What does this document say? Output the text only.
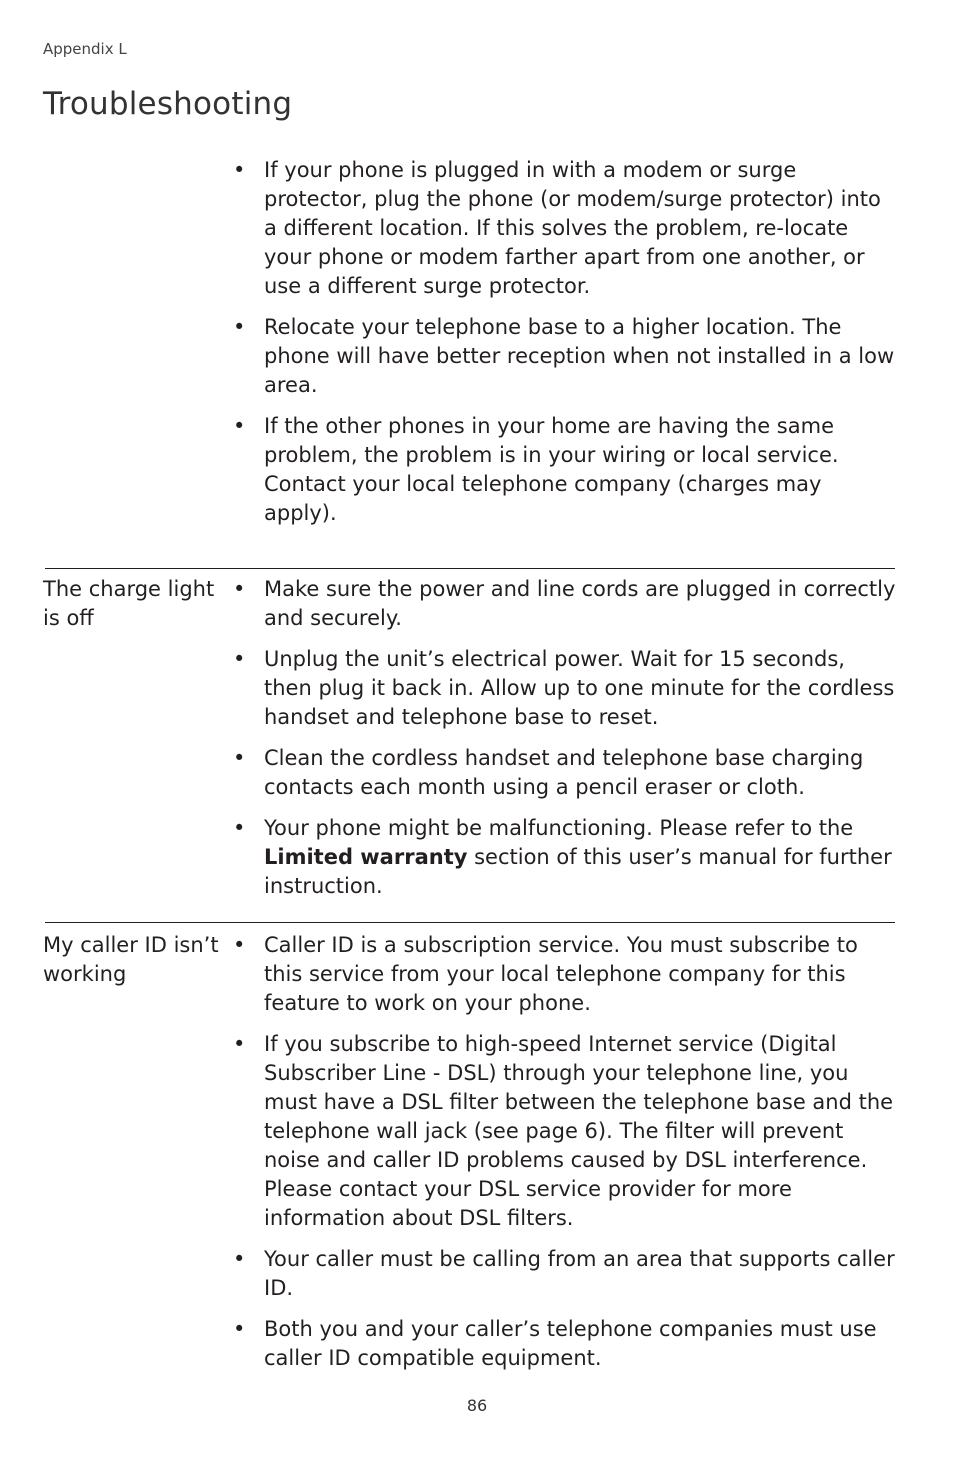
Appendix L
Troubleshooting
• If your phone is plugged in with a modem or surge protector, plug the phone (or modem/surge protector) into a different location. If this solves the problem, re-locate your phone or modem farther apart from one another, or use a different surge protector.
• Relocate your telephone base to a higher location. The phone will have better reception when not installed in a low area.
• If the other phones in your home are having the same problem, the problem is in your wiring or local service. Contact your local telephone company (charges may apply).
The charge light is off
• Make sure the power and line cords are plugged in correctly and securely.
• Unplug the unit’s electrical power. Wait for 15 seconds, then plug it back in. Allow up to one minute for the cordless handset and telephone base to reset.
• Clean the cordless handset and telephone base charging contacts each month using a pencil eraser or cloth.
• Your phone might be malfunctioning. Please refer to the Limited warranty section of this user’s manual for further instruction.
My caller ID isn’t working
• Caller ID is a subscription service. You must subscribe to this service from your local telephone company for this feature to work on your phone.
• If you subscribe to high-speed Internet service (Digital Subscriber Line - DSL) through your telephone line, you must have a DSL filter between the telephone base and the telephone wall jack (see page 6). The filter will prevent noise and caller ID problems caused by DSL interference. Please contact your DSL service provider for more information about DSL filters.
• Your caller must be calling from an area that supports caller ID.
• Both you and your caller’s telephone companies must use caller ID compatible equipment.
86
